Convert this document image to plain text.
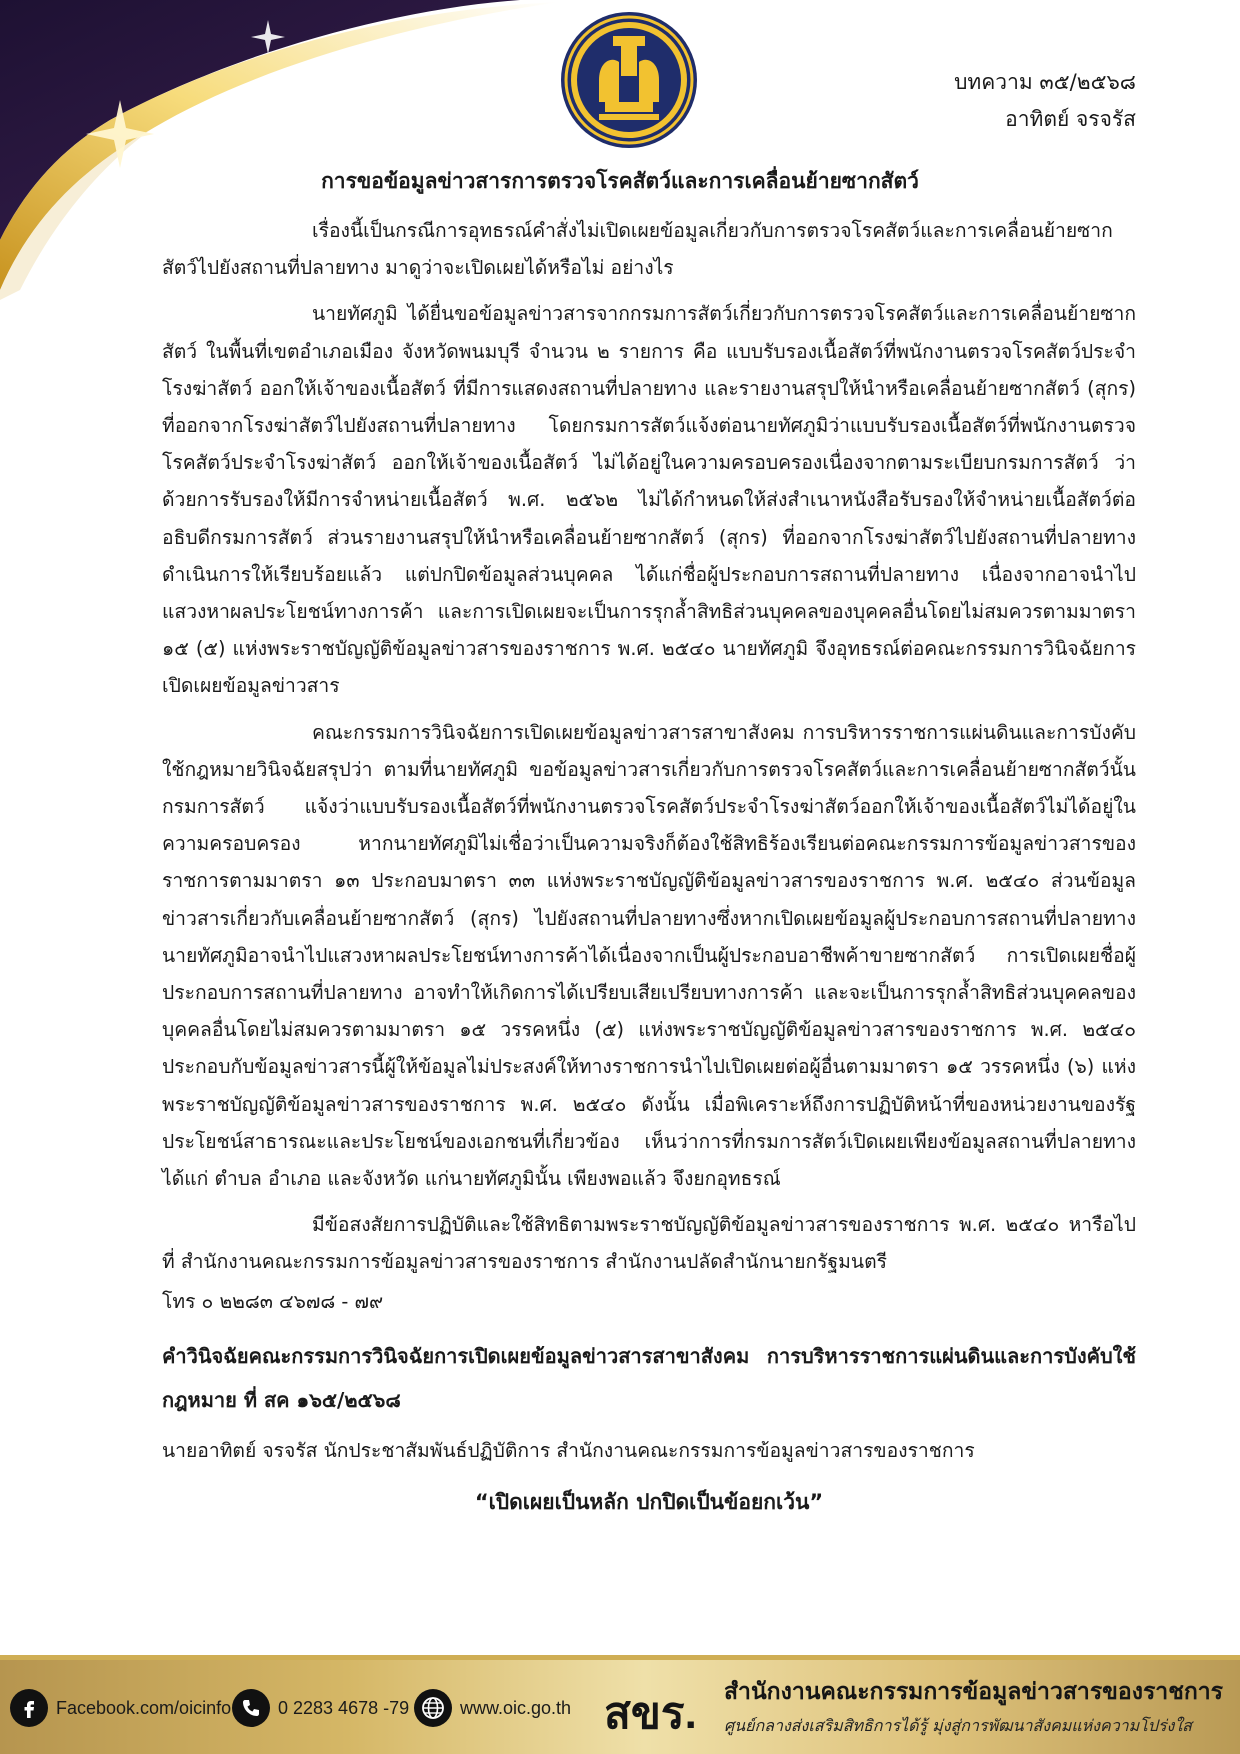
บทความ ๓๕/๒๕๖๘
อาทิตย์ จรจรัส
การขอข้อมูลข่าวสารการตรวจโรคสัตว์และการเคลื่อนย้ายซากสัตว์

เรื่องนี้เป็นกรณีการอุทธรณ์คำสั่งไม่เปิดเผยข้อมูลเกี่ยวกับการตรวจโรคสัตว์และการเคลื่อนย้ายซากสัตว์ไปยังสถานที่ปลายทาง มาดูว่าจะเปิดเผยได้หรือไม่ อย่างไร

นายทัศภูมิ ได้ยื่นขอข้อมูลข่าวสารจากกรมการสัตว์เกี่ยวกับการตรวจโรคสัตว์และการเคลื่อนย้ายซากสัตว์ ในพื้นที่เขตอำเภอเมือง จังหวัดพนมบุรี จำนวน ๒ รายการ คือ แบบรับรองเนื้อสัตว์ที่พนักงานตรวจโรคสัตว์ประจำโรงฆ่าสัตว์ ออกให้เจ้าของเนื้อสัตว์ ที่มีการแสดงสถานที่ปลายทาง และรายงานสรุปให้นำหรือเคลื่อนย้ายซากสัตว์ (สุกร) ที่ออกจากโรงฆ่าสัตว์ไปยังสถานที่ปลายทาง โดยกรมการสัตว์แจ้งต่อนายทัศภูมิว่าแบบรับรองเนื้อสัตว์ที่พนักงานตรวจโรคสัตว์ประจำโรงฆ่าสัตว์ ออกให้เจ้าของเนื้อสัตว์ ไม่ได้อยู่ในความครอบครองเนื่องจากตามระเบียบกรมการสัตว์ ว่าด้วยการรับรองให้มีการจำหน่ายเนื้อสัตว์ พ.ศ. ๒๕๖๒ ไม่ได้กำหนดให้ส่งสำเนาหนังสือรับรองให้จำหน่ายเนื้อสัตว์ต่ออธิบดีกรมการสัตว์ ส่วนรายงานสรุปให้นำหรือเคลื่อนย้ายซากสัตว์ (สุกร) ที่ออกจากโรงฆ่าสัตว์ไปยังสถานที่ปลายทางดำเนินการให้เรียบร้อยแล้ว แต่ปกปิดข้อมูลส่วนบุคคล ได้แก่ชื่อผู้ประกอบการสถานที่ปลายทาง เนื่องจากอาจนำไปแสวงหาผลประโยชน์ทางการค้า และการเปิดเผยจะเป็นการรุกล้ำสิทธิส่วนบุคคลของบุคคลอื่นโดยไม่สมควรตามมาตรา ๑๕ (๕) แห่งพระราชบัญญัติข้อมูลข่าวสารของราชการ พ.ศ. ๒๕๔๐ นายทัศภูมิ จึงอุทธรณ์ต่อคณะกรรมการวินิจฉัยการเปิดเผยข้อมูลข่าวสาร

คณะกรรมการวินิจฉัยการเปิดเผยข้อมูลข่าวสารสาขาสังคม การบริหารราชการแผ่นดินและการบังคับใช้กฎหมายวินิจฉัยสรุปว่า ตามที่นายทัศภูมิ ขอข้อมูลข่าวสารเกี่ยวกับการตรวจโรคสัตว์และการเคลื่อนย้ายซากสัตว์นั้น กรมการสัตว์ แจ้งว่าแบบรับรองเนื้อสัตว์ที่พนักงานตรวจโรคสัตว์ประจำโรงฆ่าสัตว์ออกให้เจ้าของเนื้อสัตว์ไม่ได้อยู่ในความครอบครอง หากนายทัศภูมิไม่เชื่อว่าเป็นความจริงก็ต้องใช้สิทธิร้องเรียนต่อคณะกรรมการข้อมูลข่าวสารของราชการตามมาตรา ๑๓ ประกอบมาตรา ๓๓ แห่งพระราชบัญญัติข้อมูลข่าวสารของราชการ พ.ศ. ๒๕๔๐ ส่วนข้อมูลข่าวสารเกี่ยวกับเคลื่อนย้ายซากสัตว์ (สุกร) ไปยังสถานที่ปลายทางซึ่งหากเปิดเผยข้อมูลผู้ประกอบการสถานที่ปลายทาง นายทัศภูมิอาจนำไปแสวงหาผลประโยชน์ทางการค้าได้เนื่องจากเป็นผู้ประกอบอาชีพค้าขายซากสัตว์ การเปิดเผยชื่อผู้ประกอบการสถานที่ปลายทาง อาจทำให้เกิดการได้เปรียบเสียเปรียบทางการค้า และจะเป็นการรุกล้ำสิทธิส่วนบุคคลของบุคคลอื่นโดยไม่สมควรตามมาตรา ๑๕ วรรคหนึ่ง (๕) แห่งพระราชบัญญัติข้อมูลข่าวสารของราชการ พ.ศ. ๒๕๔๐ ประกอบกับข้อมูลข่าวสารนี้ผู้ให้ข้อมูลไม่ประสงค์ให้ทางราชการนำไปเปิดเผยต่อผู้อื่นตามมาตรา ๑๕ วรรคหนึ่ง (๖) แห่งพระราชบัญญัติข้อมูลข่าวสารของราชการ พ.ศ. ๒๕๔๐ ดังนั้น เมื่อพิเคราะห์ถึงการปฏิบัติหน้าที่ของหน่วยงานของรัฐ ประโยชน์สาธารณะและประโยชน์ของเอกชนที่เกี่ยวข้อง เห็นว่าการที่กรมการสัตว์เปิดเผยเพียงข้อมูลสถานที่ปลายทาง ได้แก่ ตำบล อำเภอ และจังหวัด แก่นายทัศภูมินั้น เพียงพอแล้ว จึงยกอุทธรณ์

มีข้อสงสัยการปฏิบัติและใช้สิทธิตามพระราชบัญญัติข้อมูลข่าวสารของราชการ พ.ศ. ๒๕๔๐ หารือไปที่ สำนักงานคณะกรรมการข้อมูลข่าวสารของราชการ สำนักงานปลัดสำนักนายกรัฐมนตรี

โทร ๐ ๒๒๘๓ ๔๖๗๘ - ๗๙
คำวินิจฉัยคณะกรรมการวินิจฉัยการเปิดเผยข้อมูลข่าวสารสาขาสังคม การบริหารราชการแผ่นดินและการบังคับใช้กฎหมาย ที่ สค ๑๖๕/๒๕๖๘
นายอาทิตย์ จรจรัส นักประชาสัมพันธ์ปฏิบัติการ สำนักงานคณะกรรมการข้อมูลข่าวสารของราชการ

“เปิดเผยเป็นหลัก ปกปิดเป็นข้อยกเว้น”

Facebook.com/oicinfo	0 2283 4678 -79	www.oic.go.th สขร. สำนักงานคณะกรรมการข้อมูลข่าวสารของราชการ
ศูนย์กลางส่งเสริมสิทธิการได้รู้ มุ่งสู่การพัฒนาสังคมแห่งความโปร่งใส
